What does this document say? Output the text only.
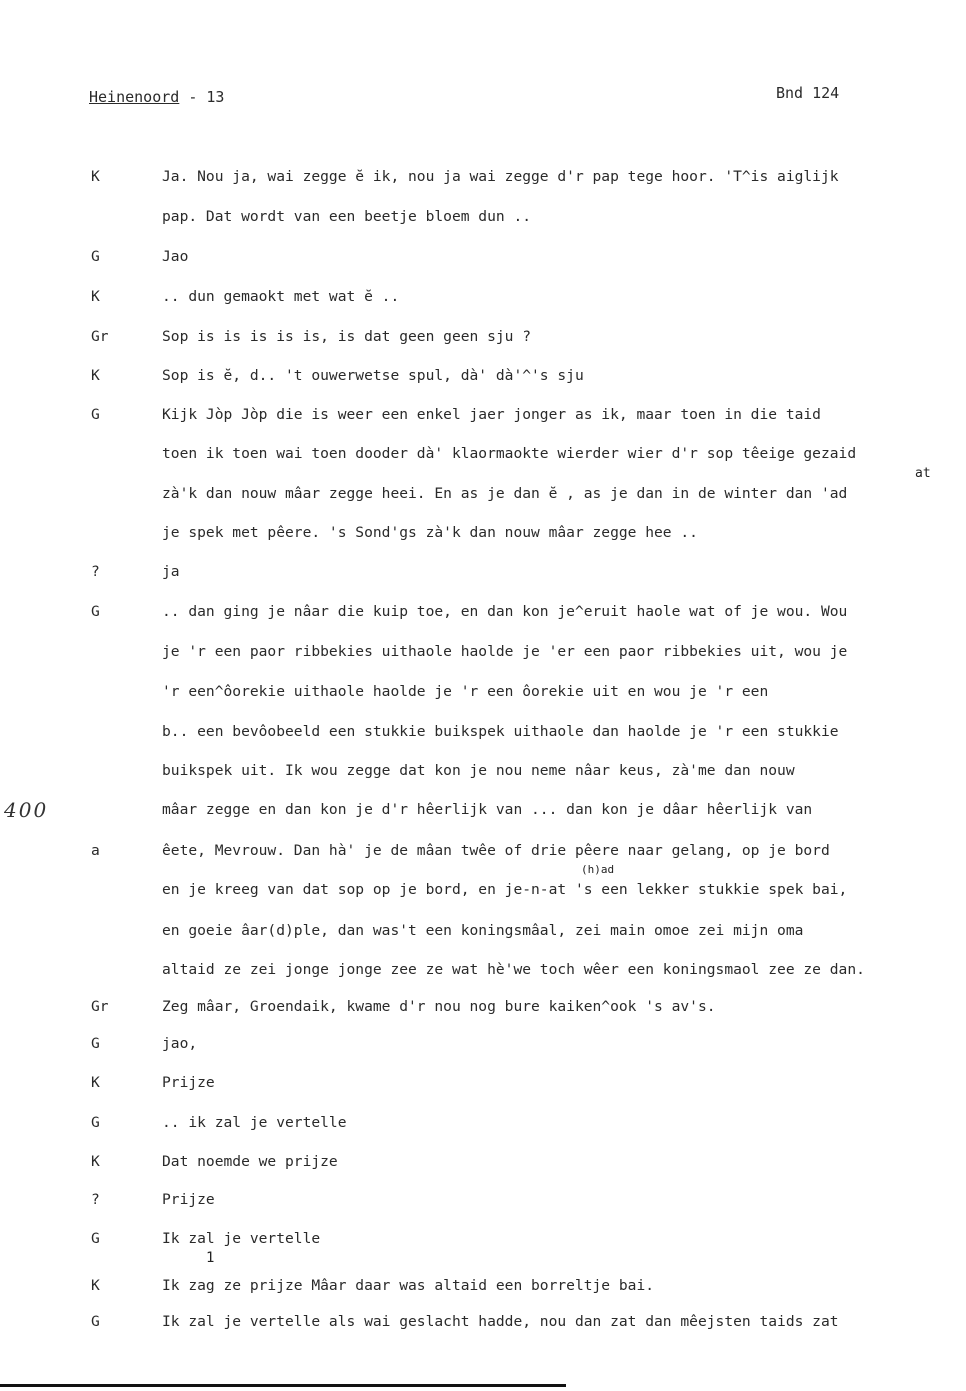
Heinenoord - 13	Bnd 124
400
at
(h)ad
1
K	Ja. Nou ja, wai zegge ĕ ik, nou ja wai zegge d'r pap tege hoor. 'T^is aiglijk
pap. Dat wordt van een beetje bloem dun ..
G	Jao
K	.. dun gemaokt met wat ĕ ..
Gr	Sop is is is is is, is dat geen geen sju ?
K	Sop is ĕ, d.. 't ouwerwetse spul, dà' dà'^'s sju
G	Kijk Jòp Jòp die is weer een enkel jaer jonger as ik, maar toen in die taid
toen ik toen wai toen dooder dà' klaormaokte wierder wier d'r sop têeige gezaid
zà'k dan nouw mâar zegge heei. En as je dan ĕ , as je dan in de winter dan 'ad
je spek met pêere. 's Sond'gs zà'k dan nouw mâar zegge hee ..
?	ja
G	.. dan ging je nâar die kuip toe, en dan kon je^eruit haole wat of je wou. Wou
je 'r een paor ribbekies uithaole haolde je 'er een paor ribbekies uit, wou je
'r een^ôorekie uithaole haolde je 'r een ôorekie uit en wou je 'r een
b.. een bevôobeeld een stukkie buikspek uithaole dan haolde je 'r een stukkie
buikspek uit. Ik wou zegge dat kon je nou neme nâar keus, zà'me dan nouw
mâar zegge en dan kon je d'r hêerlijk van ... dan kon je dâar hêerlijk van
a	êete, Mevrouw. Dan hà' je de mâan twêe of drie pêere naar gelang, op je bord
en je kreeg van dat sop op je bord, en je-n-at 's een lekker stukkie spek bai,
en goeie âar(d)ple, dan was't een koningsmâal, zei main omoe zei mijn oma
altaid ze zei jonge jonge zee ze wat hè'we toch wêer een koningsmaol zee ze dan.
Gr	Zeg mâar, Groendaik, kwame d'r nou nog bure kaiken^ook 's av's.
G	jao,
K	Prijze
G	.. ik zal je vertelle
K	Dat noemde we prijze
?	Prijze
G	Ik zal je vertelle
K	Ik zag ze prijze Mâar daar was altaid een borreltje bai.
G	Ik zal je vertelle als wai geslacht hadde, nou dan zat dan mêejsten taids zat
